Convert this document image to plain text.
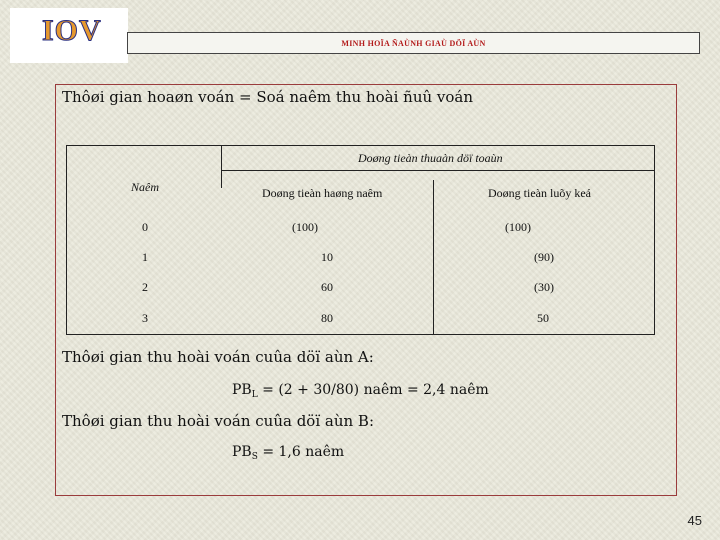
IOV	MINH HOÏA ÑAÙNH GIAÙ DÖÏ AÙN
Thôøi gian hoaøn voán = Soá naêm thu hoài ñuû voán
Doøng tieàn thuaàn döï toaùn
Naêm	Doøng tieàn haøng naêm	Doøng tieàn luõy keá
0	(100)	(100)
1	10	(90)
2	60	(30)
3	80	50
Thôøi gian thu hoài voán cuûa döï aùn A:
$PB_L = (2 + 30/80)$ naêm = 2,4 naêm
Thôøi gian thu hoài voán cuûa döï aùn B:
$PB_S = 1,6$ naêm
45
